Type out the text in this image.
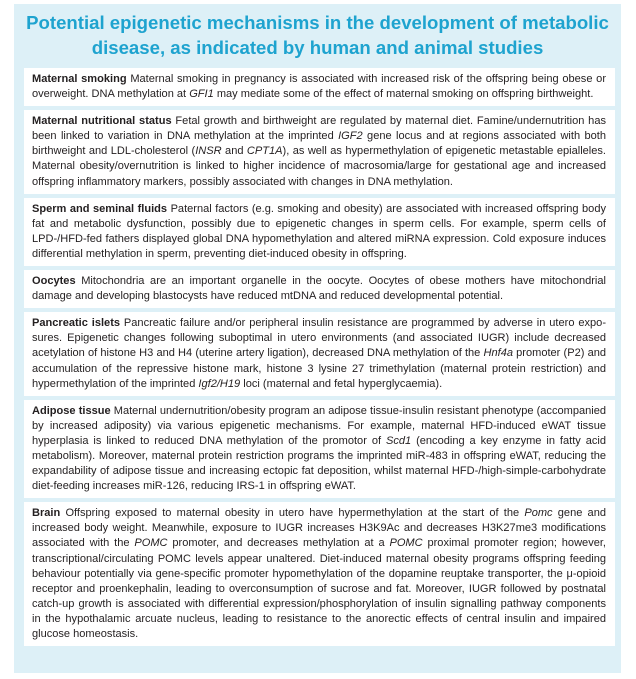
Potential epigenetic mechanisms in the development of metabolic
disease, as indicated by human and animal studies
Maternal smoking Maternal smoking in pregnancy is associated with increased risk of the offspring being obese or overweight. DNA methylation at GFI1 may mediate some of the effect of maternal smoking on offspring birthweight.
Maternal nutritional status Fetal growth and birthweight are regulated by maternal diet. Famine/undernutrition has been linked to variation in DNA methylation at the imprinted IGF2 gene locus and at regions associated with both birthweight and LDL-cholesterol (INSR and CPT1A), as well as hypermethylation of epigenetic metastable epialleles. Maternal obesity/overnutrition is linked to higher incidence of macrosomia/large for gestational age and increased offspring inflammatory markers, possibly associated with changes in DNA methylation.
Sperm and seminal fluids Paternal factors (e.g. smoking and obesity) are associated with increased offspring body fat and metabolic dysfunction, possibly due to epigenetic changes in sperm cells. For example, sperm cells of LPD-/HFD-fed fathers displayed global DNA hypomethylation and altered miRNA expression. Cold exposure induces differential methylation in sperm, preventing diet-induced obesity in offspring.
Oocytes Mitochondria are an important organelle in the oocyte. Oocytes of obese mothers have mitochondrial damage and developing blastocysts have reduced mtDNA and reduced developmental potential.
Pancreatic islets Pancreatic failure and/or peripheral insulin resistance are programmed by adverse in utero exposures. Epigenetic changes following suboptimal in utero environments (and associated IUGR) include decreased acetylation of histone H3 and H4 (uterine artery ligation), decreased DNA methylation of the Hnf4a promoter (P2) and accumulation of the repressive histone mark, histone 3 lysine 27 trimethylation (maternal protein restriction) and hypermethylation of the imprinted Igf2/H19 loci (maternal and fetal hyperglycaemia).
Adipose tissue Maternal undernutrition/obesity program an adipose tissue-insulin resistant phenotype (accompanied by increased adiposity) via various epigenetic mechanisms. For example, maternal HFD-induced eWAT tissue hyperplasia is linked to reduced DNA methylation of the promotor of Scd1 (encoding a key enzyme in fatty acid metabolism). Moreover, maternal protein restriction programs the imprinted miR-483 in offspring eWAT, reducing the expandability of adipose tissue and increasing ectopic fat deposition, whilst maternal HFD-/high-simple-carbohydrate diet-feeding increases miR-126, reducing IRS-1 in offspring eWAT.
Brain Offspring exposed to maternal obesity in utero have hypermethylation at the start of the Pomc gene and increased body weight. Meanwhile, exposure to IUGR increases H3K9Ac and decreases H3K27me3 modifications associated with the POMC promoter, and decreases methylation at a POMC proximal promoter region; however, transcriptional/circulating POMC levels appear unaltered. Diet-induced maternal obesity programs offspring feeding behaviour potentially via gene-specific promoter hypomethylation of the dopamine reuptake transporter, the μ-opioid receptor and proenkephalin, leading to overconsumption of sucrose and fat. Moreover, IUGR followed by postnatal catch-up growth is associated with differential expression/phosphorylation of insulin signalling pathway components in the hypothalamic arcuate nucleus, leading to resistance to the anorectic effects of central insulin and impaired glucose homeostasis.
